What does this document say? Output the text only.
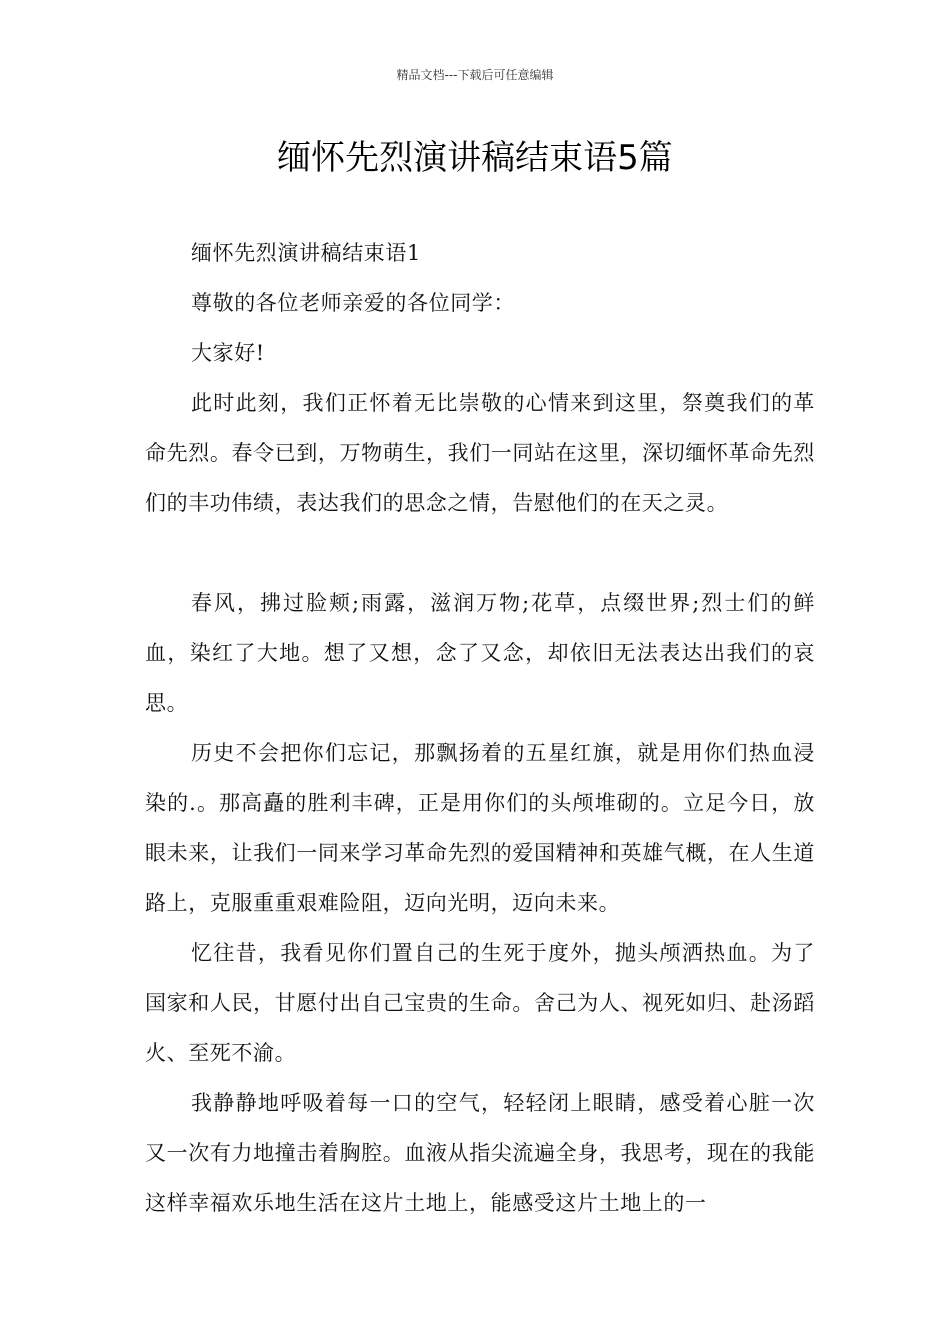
精品文档---下载后可任意编辑
缅怀先烈演讲稿结束语5篇

缅怀先烈演讲稿结束语1

尊敬的各位老师亲爱的各位同学：

大家好!

此时此刻，我们正怀着无比崇敬的心情来到这里，祭奠我们的革命先烈。春令已到，万物萌生，我们一同站在这里，深切缅怀革命先烈们的丰功伟绩，表达我们的思念之情，告慰他们的在天之灵。

春风，拂过脸颊;雨露，滋润万物;花草，点缀世界;烈士们的鲜血，染红了大地。想了又想，念了又念，却依旧无法表达出我们的哀思。

历史不会把你们忘记，那飘扬着的五星红旗，就是用你们热血浸染的.。那高矗的胜利丰碑，正是用你们的头颅堆砌的。立足今日，放眼未来，让我们一同来学习革命先烈的爱国精神和英雄气概，在人生道路上，克服重重艰难险阻，迈向光明，迈向未来。

忆往昔，我看见你们置自己的生死于度外，抛头颅洒热血。为了国家和人民，甘愿付出自己宝贵的生命。舍己为人、视死如归、赴汤蹈火、至死不渝。

我静静地呼吸着每一口的空气，轻轻闭上眼睛，感受着心脏一次又一次有力地撞击着胸腔。血液从指尖流遍全身，我思考，现在的我能这样幸福欢乐地生活在这片土地上，能感受这片土地上的一
